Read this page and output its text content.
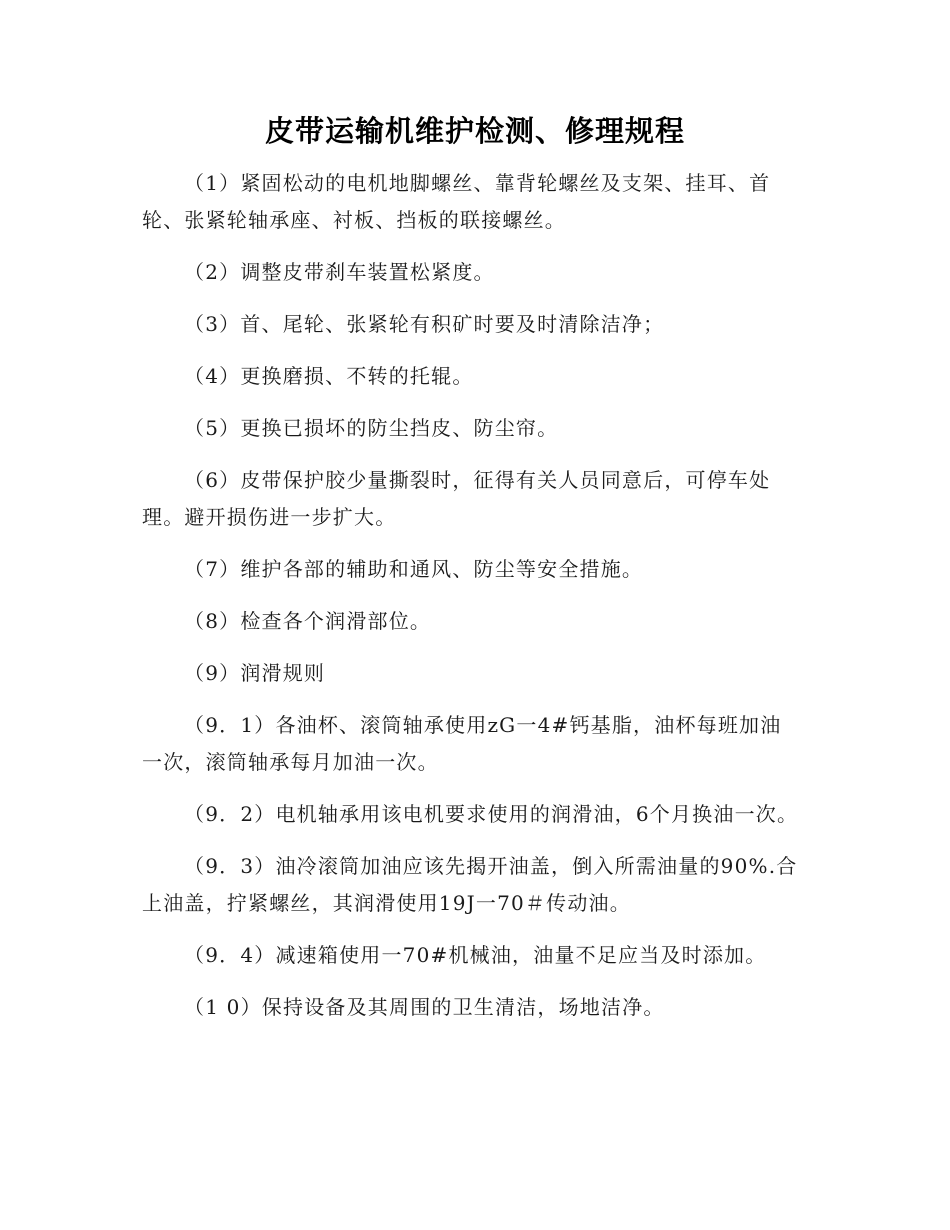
皮带运输机维护检测、修理规程

（1）紧固松动的电机地脚螺丝、靠背轮螺丝及支架、挂耳、首轮、张紧轮轴承座、衬板、挡板的联接螺丝。

（2）调整皮带刹车装置松紧度。

（3）首、尾轮、张紧轮有积矿时要及时清除洁净；

（4）更换磨损、不转的托辊。

（5）更换已损坏的防尘挡皮、防尘帘。

（6）皮带保护胶少量撕裂时，征得有关人员同意后，可停车处理。避开损伤进一步扩大。

（7）维护各部的辅助和通风、防尘等安全措施。

（8）检查各个润滑部位。

（9）润滑规则

（9．1）各油杯、滚筒轴承使用zG一4#钙基脂，油杯每班加油一次，滚筒轴承每月加油一次。

（9．2）电机轴承用该电机要求使用的润滑油，6个月换油一次。

（9．3）油冷滚筒加油应该先揭开油盖，倒入所需油量的90%.合上油盖，拧紧螺丝，其润滑使用19J一70＃传动油。

（9．4）减速箱使用一70#机械油，油量不足应当及时添加。

（1 0）保持设备及其周围的卫生清洁，场地洁净。
